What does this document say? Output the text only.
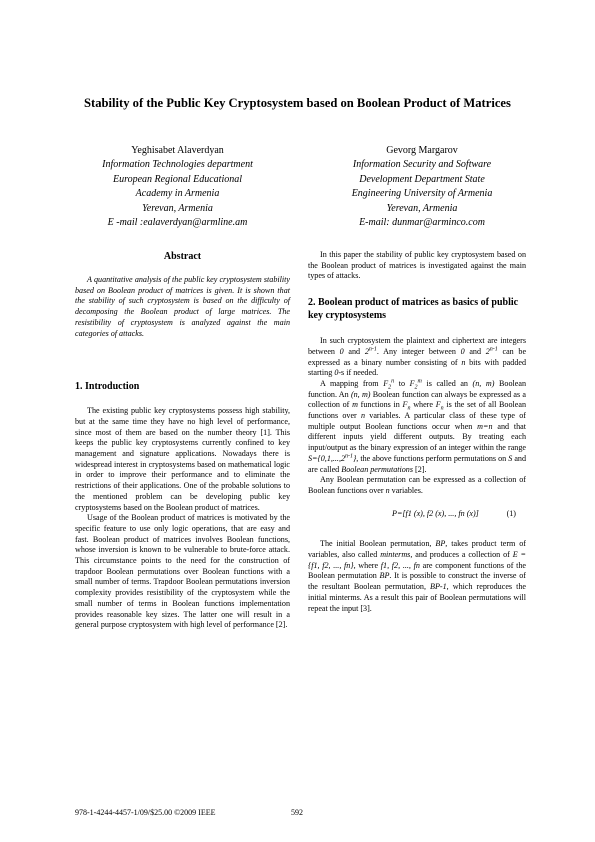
Stability of the Public Key Cryptosystem based on Boolean Product of Matrices
Yeghisabet Alaverdyan
Information Technologies department
European Regional Educational
Academy in Armenia
Yerevan, Armenia
E -mail :ealaverdyan@armline.am
Gevorg Margarov
Information Security and Software
Development Department State
Engineering University of Armenia
Yerevan, Armenia
E-mail: dunmar@arminco.com
Abstract

A quantitative analysis of the public key cryptosystem stability based on Boolean product of matrices is given. It is shown that the stability of such cryptosystem is based on the difficulty of decomposing the Boolean product of large matrices. The resistibility of cryptosystem is analyzed against the main categories of attacks.

1. Introduction

The existing public key cryptosystems possess high stability, but at the same time they have no high level of performance, since most of them are based on the number theory [1]. This keeps the public key cryptosystems currently confined to key management and signature applications. Nowadays there is widespread interest in cryptosystems based on mathematical logic in order to improve their performance and to eliminate the restrictions of their applications. One of the probable solutions to the mentioned problem can be developing public key cryptosystems based on the Boolean product of matrices.

Usage of the Boolean product of matrices is motivated by the specific feature to use only logic operations, that are easy and fast. Boolean product of matrices involves Boolean functions, whose inversion is known to be vulnerable to brute-force attack. This circumstance points to the need for the construction of trapdoor Boolean permutations over Boolean functions with a small number of terms. Trapdoor Boolean permutations inversion complexity provides resistibility of the cryptosystem while the small number of terms in Boolean functions implementation provides reasonable key sizes. The latter one will result in a general purpose cryptosystem with high level of performance [2].

In this paper the stability of public key cryptosystem based on the Boolean product of matrices is investigated against the main types of attacks.

2. Boolean product of matrices as basics of public key cryptosystems

In such cryptosystem the plaintext and ciphertext are integers between 0 and 2$^{n-1}$. Any integer between 0 and 2$^{n-1}$ can be expressed as a binary number consisting of n bits with padded starting 0-s if needed.

A mapping from $F_2^n$ to $F_2^m$ is called an (n, m) Boolean function. An (n, m) Boolean function can always be expressed as a collection of m functions in $F_n$ where $F_n$ is the set of all Boolean functions over n variables. A particular class of these type of multiple output Boolean functions occur when m=n and that different inputs yield different outputs. By treating each input/output as the binary expression of an integer within the range $S=\{0,1,...,2^{n-1}\}$, the above functions perform permutations on S and are called Boolean permutations [2].

Any Boolean permutation can be expressed as a collection of Boolean functions over n variables.

P=[f1 (x), f2 (x), ..., fn (x)]	(1)

The initial Boolean permutation, BP, takes product term of variables, also called minterms, and produces a collection of E = {f1, f2, ..., fn}, where f1, f2, ..., fn are component functions of the Boolean permutation BP. It is possible to construct the inverse of the resultant Boolean permutation, BP-1, which reproduces the initial minterms. As a result this pair of Boolean permutations will repeat the input [3].

978-1-4244-4457-1/09/$25.00 ©2009 IEEE	592
